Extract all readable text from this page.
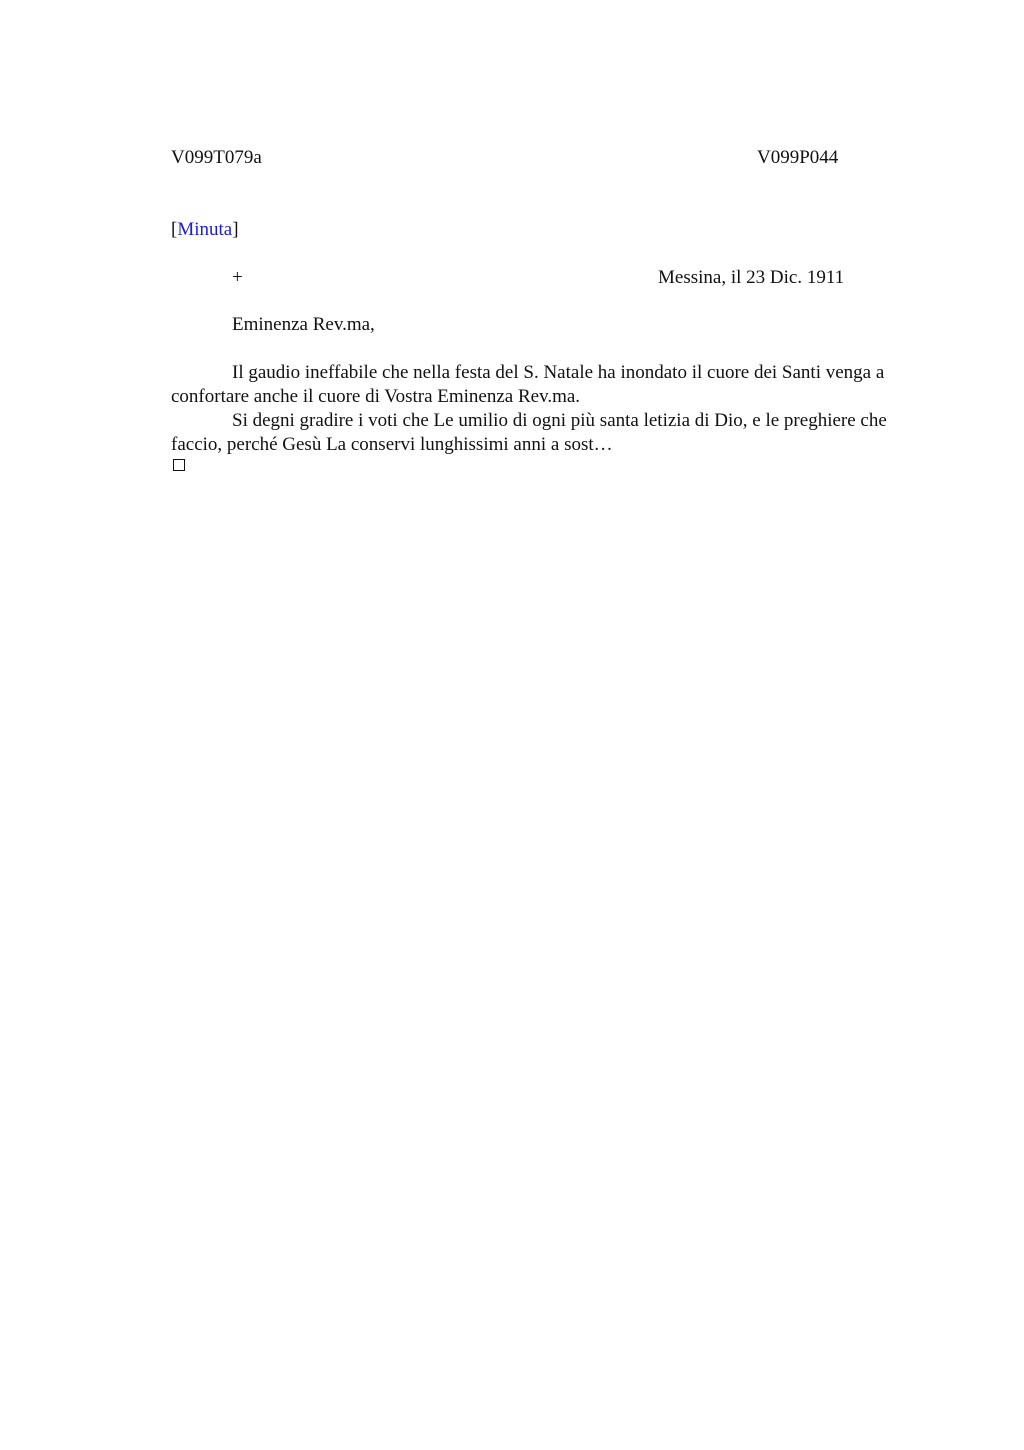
V099T079a	V099P044
[Minuta]
+	Messina, il 23 Dic. 1911
Eminenza Rev.ma,

Il gaudio ineffabile che nella festa del S. Natale ha inondato il cuore dei Santi venga a confortare anche il cuore di Vostra Eminenza Rev.ma.

Si degni gradire i voti che Le umilio di ogni più santa letizia di Dio, e le preghiere che faccio, perché Gesù La conservi lunghissimi anni a sost…
